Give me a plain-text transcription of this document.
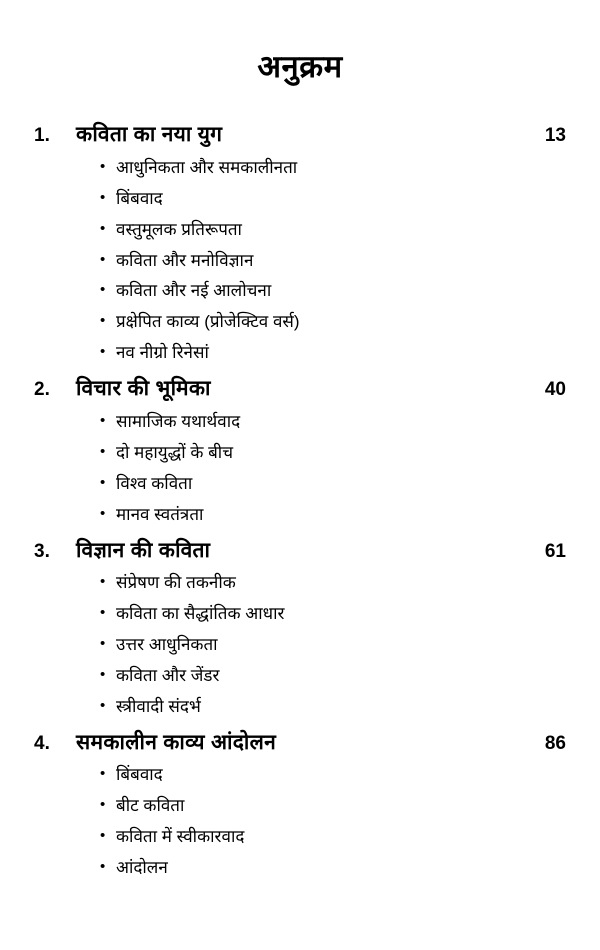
अनुक्रम
1.	कविता का नया युग	13
• आधुनिकता और समकालीनता
• बिंबवाद
• वस्तुमूलक प्रतिरूपता
• कविता और मनोविज्ञान
• कविता और नई आलोचना
• प्रक्षेपित काव्य (प्रोजेक्टिव वर्स)
• नव नीग्रो रिनेसां
2.	विचार की भूमिका	40
• सामाजिक यथार्थवाद
• दो महायुद्धों के बीच
• विश्व कविता
• मानव स्वतंत्रता
3.	विज्ञान की कविता	61
• संप्रेषण की तकनीक
• कविता का सैद्धांतिक आधार
• उत्तर आधुनिकता
• कविता और जेंडर
• स्त्रीवादी संदर्भ
4.	समकालीन काव्य आंदोलन	86
• बिंबवाद
• बीट कविता
• कविता में स्वीकारवाद
• आंदोलन
